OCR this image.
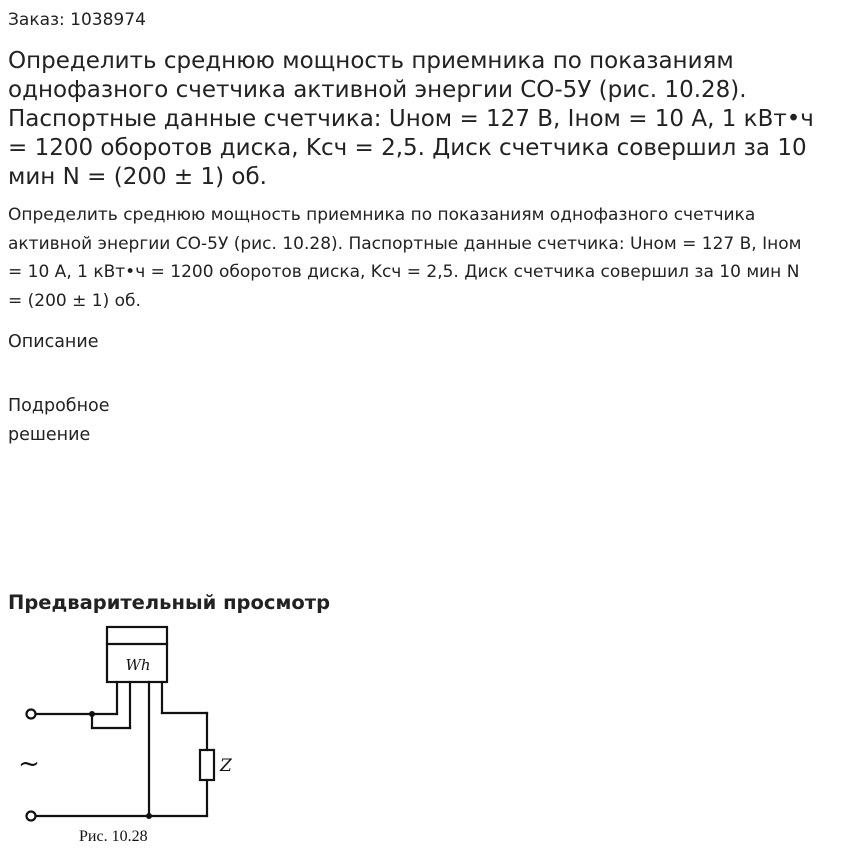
Заказ: 1038974
Определить среднюю мощность приемника по показаниям однофазного счетчика активной энергии СО-5У (рис. 10.28). Паспортные данные счетчика: Uном = 127 В, Iном = 10 А, 1 кВт•ч = 1200 оборотов диска, Kсч = 2,5. Диск счетчика совершил за 10 мин N = (200 ± 1) об.
Определить среднюю мощность приемника по показаниям однофазного счетчика активной энергии СО-5У (рис. 10.28). Паспортные данные счетчика: Uном = 127 В, Iном = 10 А, 1 кВт•ч = 1200 оборотов диска, Kсч = 2,5. Диск счетчика совершил за 10 мин N = (200 ± 1) об.
Описание
Подробное решение
Предварительный просмотр
Wh
~	Z
Рис. 10.28
